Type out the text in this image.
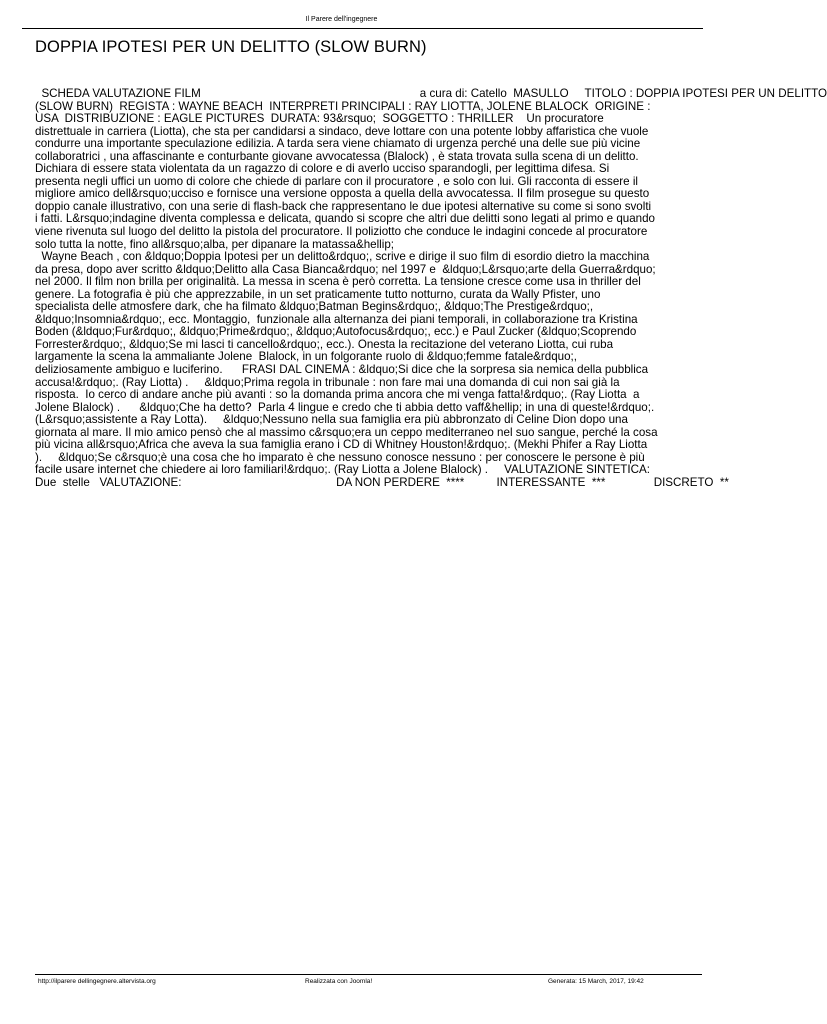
Il Parere dell'ingegnere
DOPPIA IPOTESI PER UN DELITTO (SLOW BURN)
SCHEDA VALUTAZIONE FILM                                                                    a cura di: Catello  MASULLO     TITOLO : DOPPIA IPOTESI PER UN DELITTO
(SLOW BURN)  REGISTA : WAYNE BEACH  INTERPRETI PRINCIPALI : RAY LIOTTA, JOLENE BLALOCK  ORIGINE :
USA  DISTRIBUZIONE : EAGLE PICTURES  DURATA: 93&rsquo;  SOGGETTO : THRILLER    Un procuratore
distrettuale in carriera (Liotta), che sta per candidarsi a sindaco, deve lottare con una potente lobby affaristica che vuole
condurre una importante speculazione edilizia. A tarda sera viene chiamato di urgenza perché una delle sue più vicine
collaboratrici , una affascinante e conturbante giovane avvocatessa (Blalock) , è stata trovata sulla scena di un delitto.
Dichiara di essere stata violentata da un ragazzo di colore e di averlo ucciso sparandogli, per legittima difesa. Si
presenta negli uffici un uomo di colore che chiede di parlare con il procuratore , e solo con lui. Gli racconta di essere il
migliore amico dell&rsquo;ucciso e fornisce una versione opposta a quella della avvocatessa. Il film prosegue su questo
doppio canale illustrativo, con una serie di flash-back che rappresentano le due ipotesi alternative su come si sono svolti
i fatti. L&rsquo;indagine diventa complessa e delicata, quando si scopre che altri due delitti sono legati al primo e quando
viene rivenuta sul luogo del delitto la pistola del procuratore. Il poliziotto che conduce le indagini concede al procuratore
solo tutta la notte, fino all&rsquo;alba, per dipanare la matassa&hellip;
Wayne Beach , con &ldquo;Doppia Ipotesi per un delitto&rdquo;, scrive e dirige il suo film di esordio dietro la macchina
da presa, dopo aver scritto &ldquo;Delitto alla Casa Bianca&rdquo; nel 1997 e  &ldquo;L&rsquo;arte della Guerra&rdquo;
nel 2000. Il film non brilla per originalità. La messa in scena è però corretta. La tensione cresce come usa in thriller del
genere. La fotografia è più che apprezzabile, in un set praticamente tutto notturno, curata da Wally Pfister, uno
specialista delle atmosfere dark, che ha filmato &ldquo;Batman Begins&rdquo;, &ldquo;The Prestige&rdquo;,
&ldquo;Insomnia&rdquo;, ecc. Montaggio,  funzionale alla alternanza dei piani temporali, in collaborazione tra Kristina
Boden (&ldquo;Fur&rdquo;, &ldquo;Prime&rdquo;, &ldquo;Autofocus&rdquo;, ecc.) e Paul Zucker (&ldquo;Scoprendo
Forrester&rdquo;, &ldquo;Se mi lasci ti cancello&rdquo;, ecc.). Onesta la recitazione del veterano Liotta, cui ruba
largamente la scena la ammaliante Jolene  Blalock, in un folgorante ruolo di &ldquo;femme fatale&rdquo;,
deliziosamente ambiguo e luciferino.      FRASI DAL CINEMA : &ldquo;Si dice che la sorpresa sia nemica della pubblica
accusa!&rdquo;. (Ray Liotta) .     &ldquo;Prima regola in tribunale : non fare mai una domanda di cui non sai già la
risposta.  Io cerco di andare anche più avanti : so la domanda prima ancora che mi venga fatta!&rdquo;. (Ray Liotta  a
Jolene Blalock) .      &ldquo;Che ha detto?  Parla 4 lingue e credo che ti abbia detto vaff&hellip; in una di queste!&rdquo;.
(L&rsquo;assistente a Ray Lotta).     &ldquo;Nessuno nella sua famiglia era più abbronzato di Celine Dion dopo una
giornata al mare. Il mio amico pensò che al massimo c&rsquo;era un ceppo mediterraneo nel suo sangue, perché la cosa
più vicina all&rsquo;Africa che aveva la sua famiglia erano i CD di Whitney Houston!&rdquo;. (Mekhi Phifer a Ray Liotta
).     &ldquo;Se c&rsquo;è una cosa che ho imparato è che nessuno conosce nessuno : per conoscere le persone è più
facile usare internet che chiedere ai loro familiari!&rdquo;. (Ray Liotta a Jolene Blalock) .     VALUTAZIONE SINTETICA:
Due  stelle   VALUTAZIONE:                                                DA NON PERDERE  ****          INTERESSANTE  ***               DISCRETO  **
http://ilparere dellingegnere.altervista.org	Realizzata con Joomla!	Generata: 15 March, 2017, 19:42
